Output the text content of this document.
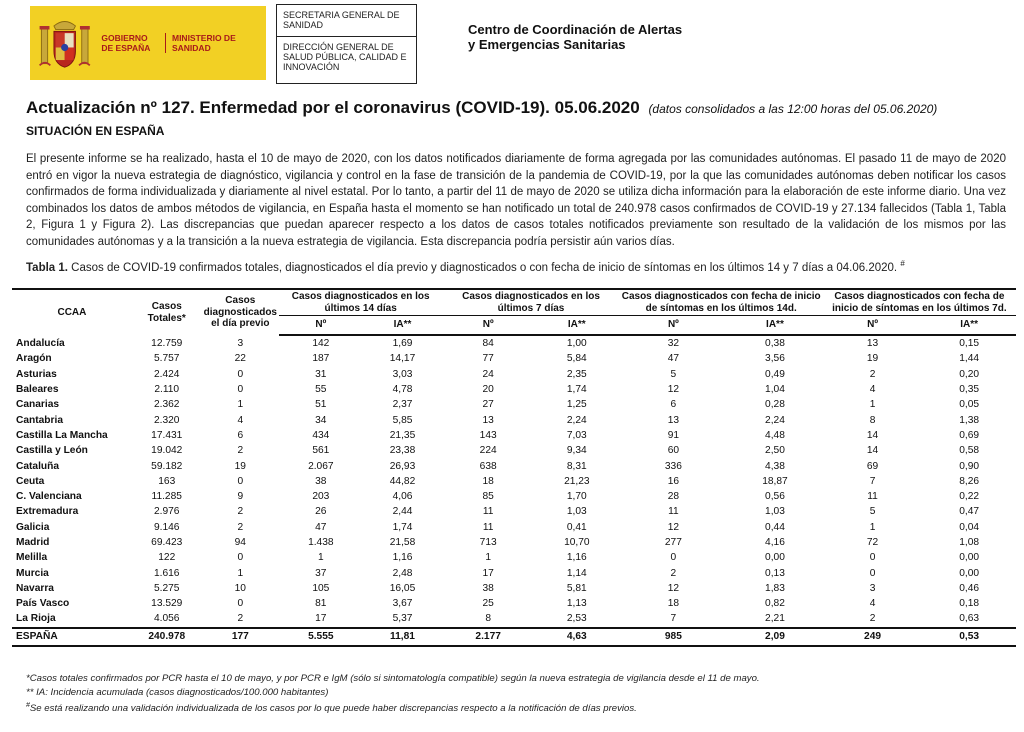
GOBIERNO DE ESPAÑA
MINISTERIO DE SANIDAD
SECRETARIA GENERAL DE SANIDAD
DIRECCIÓN GENERAL DE SALUD PÚBLICA, CALIDAD E INNOVACIÓN
Centro de Coordinación de Alertas y Emergencias Sanitarias
Actualización nº 127. Enfermedad por el coronavirus (COVID-19). 05.06.2020 (datos consolidados a las 12:00 horas del 05.06.2020)
SITUACIÓN EN ESPAÑA
El presente informe se ha realizado, hasta el 10 de mayo de 2020, con los datos notificados diariamente de forma agregada por las comunidades autónomas. El pasado 11 de mayo de 2020 entró en vigor la nueva estrategia de diagnóstico, vigilancia y control en la fase de transición de la pandemia de COVID-19, por la que las comunidades autónomas deben notificar los casos confirmados de forma individualizada y diariamente al nivel estatal. Por lo tanto, a partir del 11 de mayo de 2020 se utiliza dicha información para la elaboración de este informe diario. Una vez combinados los datos de ambos métodos de vigilancia, en España hasta el momento se han notificado un total de 240.978 casos confirmados de COVID-19 y 27.134 fallecidos (Tabla 1, Tabla 2, Figura 1 y Figura 2). Las discrepancias que puedan aparecer respecto a los datos de casos totales notificados previamente son resultado de la validación de los mismos por las comunidades autónomas y a la transición a la nueva estrategia de vigilancia. Esta discrepancia podría persistir aún varios días.
Tabla 1. Casos de COVID-19 confirmados totales, diagnosticados el día previo y diagnosticados o con fecha de inicio de síntomas en los últimos 14 y 7 días a 04.06.2020. #
CCAA	Casos Totales*	Casos diagnosticados el día previo	Casos diagnosticados en los últimos 14 días		Casos diagnosticados en los últimos 7 días		Casos diagnosticados con fecha de inicio de síntomas en los últimos 14d.		Casos diagnosticados con fecha de inicio de síntomas en los últimos 7d.	
			Nº	IA**	Nº	IA**	Nº	IA**	Nº	IA**
Andalucía	12.759	3	142	1,69	84	1,00	32	0,38	13	0,15
Aragón	5.757	22	187	14,17	77	5,84	47	3,56	19	1,44
Asturias	2.424	0	31	3,03	24	2,35	5	0,49	2	0,20
Baleares	2.110	0	55	4,78	20	1,74	12	1,04	4	0,35
Canarias	2.362	1	51	2,37	27	1,25	6	0,28	1	0,05
Cantabria	2.320	4	34	5,85	13	2,24	13	2,24	8	1,38
Castilla La Mancha	17.431	6	434	21,35	143	7,03	91	4,48	14	0,69
Castilla y León	19.042	2	561	23,38	224	9,34	60	2,50	14	0,58
Cataluña	59.182	19	2.067	26,93	638	8,31	336	4,38	69	0,90
Ceuta	163	0	38	44,82	18	21,23	16	18,87	7	8,26
C. Valenciana	11.285	9	203	4,06	85	1,70	28	0,56	11	0,22
Extremadura	2.976	2	26	2,44	11	1,03	11	1,03	5	0,47
Galicia	9.146	2	47	1,74	11	0,41	12	0,44	1	0,04
Madrid	69.423	94	1.438	21,58	713	10,70	277	4,16	72	1,08
Melilla	122	0	1	1,16	1	1,16	0	0,00	0	0,00
Murcia	1.616	1	37	2,48	17	1,14	2	0,13	0	0,00
Navarra	5.275	10	105	16,05	38	5,81	12	1,83	3	0,46
País Vasco	13.529	0	81	3,67	25	1,13	18	0,82	4	0,18
La Rioja	4.056	2	17	5,37	8	2,53	7	2,21	2	0,63
ESPAÑA	240.978	177	5.555	11,81	2.177	4,63	985	2,09	249	0,53
*Casos totales confirmados por PCR hasta el 10 de mayo, y por PCR e IgM (sólo si sintomatología compatible) según la nueva estrategia de vigilancia desde el 11 de mayo.
** IA: Incidencia acumulada (casos diagnosticados/100.000 habitantes)
#Se está realizando una validación individualizada de los casos por lo que puede haber discrepancias respecto a la notificación de días previos.
